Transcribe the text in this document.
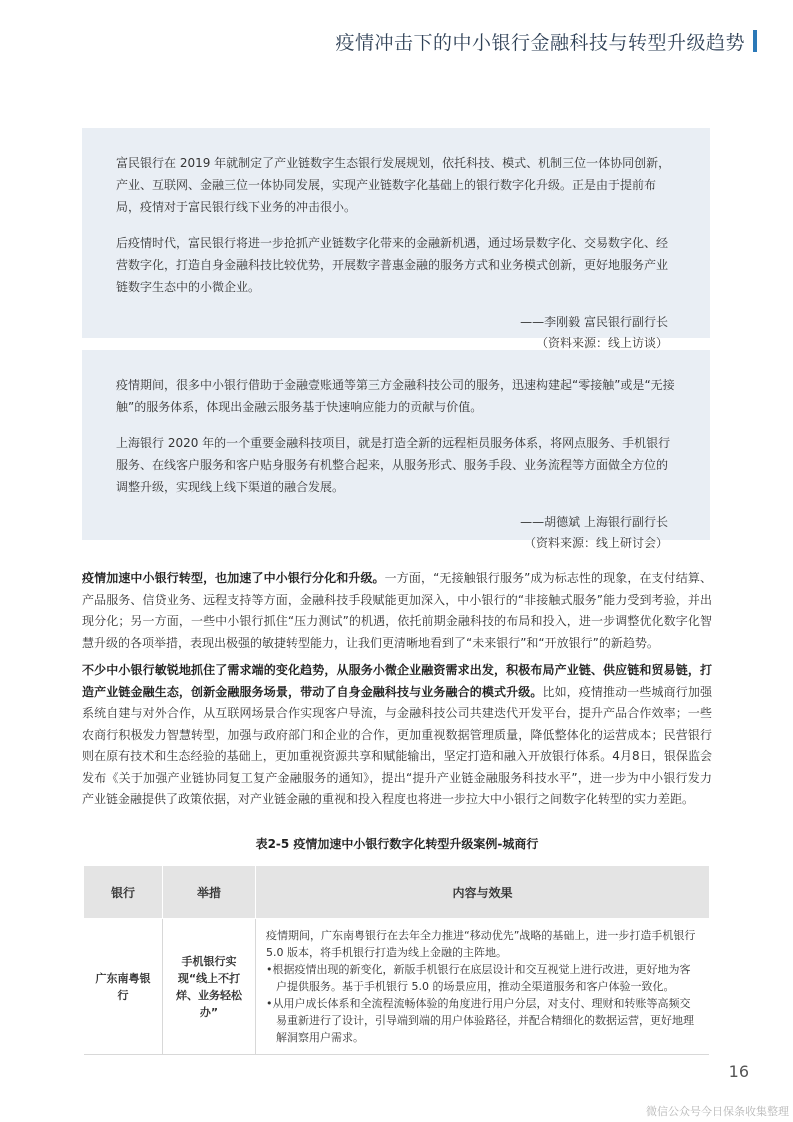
疫情冲击下的中小银行金融科技与转型升级趋势

富民银行在 2019 年就制定了产业链数字生态银行发展规划，依托科技、模式、机制三位一体协同创新，产业、互联网、金融三位一体协同发展，实现产业链数字化基础上的银行数字化升级。正是由于提前布局，疫情对于富民银行线下业务的冲击很小。

后疫情时代，富民银行将进一步抢抓产业链数字化带来的金融新机遇，通过场景数字化、交易数字化、经营数字化，打造自身金融科技比较优势，开展数字普惠金融的服务方式和业务模式创新，更好地服务产业链数字生态中的小微企业。

——李刚毅 富民银行副行长

（资料来源：线上访谈）

疫情期间，很多中小银行借助于金融壹账通等第三方金融科技公司的服务，迅速构建起“零接触”或是“无接触”的服务体系，体现出金融云服务基于快速响应能力的贡献与价值。

上海银行 2020 年的一个重要金融科技项目，就是打造全新的远程柜员服务体系，将网点服务、手机银行服务、在线客户服务和客户贴身服务有机整合起来，从服务形式、服务手段、业务流程等方面做全方位的调整升级，实现线上线下渠道的融合发展。

——胡德斌 上海银行副行长

（资料来源：线上研讨会）

疫情加速中小银行转型，也加速了中小银行分化和升级。一方面，“无接触银行服务”成为标志性的现象，在支付结算、产品服务、信贷业务、远程支持等方面，金融科技手段赋能更加深入，中小银行的“非接触式服务”能力受到考验，并出现分化；另一方面，一些中小银行抓住“压力测试”的机遇，依托前期金融科技的布局和投入，进一步调整优化数字化智慧升级的各项举措，表现出极强的敏捷转型能力，让我们更清晰地看到了“未来银行”和“开放银行”的新趋势。

不少中小银行敏锐地抓住了需求端的变化趋势，从服务小微企业融资需求出发，积极布局产业链、供应链和贸易链，打造产业链金融生态，创新金融服务场景，带动了自身金融科技与业务融合的模式升级。比如，疫情推动一些城商行加强系统自建与对外合作，从互联网场景合作实现客户导流，与金融科技公司共建迭代开发平台，提升产品合作效率；一些农商行积极发力智慧转型，加强与政府部门和企业的合作，更加重视数据管理质量，降低整体化的运营成本；民营银行则在原有技术和生态经验的基础上，更加重视资源共享和赋能输出，坚定打造和融入开放银行体系。4月8日，银保监会发布《关于加强产业链协同复工复产金融服务的通知》，提出“提升产业链金融服务科技水平”，进一步为中小银行发力产业链金融提供了政策依据，对产业链金融的重视和投入程度也将进一步拉大中小银行之间数字化转型的实力差距。

表2-5 疫情加速中小银行数字化转型升级案例-城商行
银行	举措	内容与效果
广东南粤银行	手机银行实现“线上不打烊、业务轻松办”	疫情期间，广东南粤银行在去年全力推进“移动优先”战略的基础上，进一步打造手机银行 5.0 版本，将手机银行打造为线上金融的主阵地。

•根据疫情出现的新变化，新版手机银行在底层设计和交互视觉上进行改进，更好地为客户提供服务。基于手机银行 5.0 的场景应用，推动全渠道服务和客户体验一致化。

•从用户成长体系和全流程流畅体验的角度进行用户分层，对支付、理财和转账等高频交易重新进行了设计，引导端到端的用户体验路径，并配合精细化的数据运营，更好地理解洞察用户需求。

16
微信公众号今日保条收集整理
